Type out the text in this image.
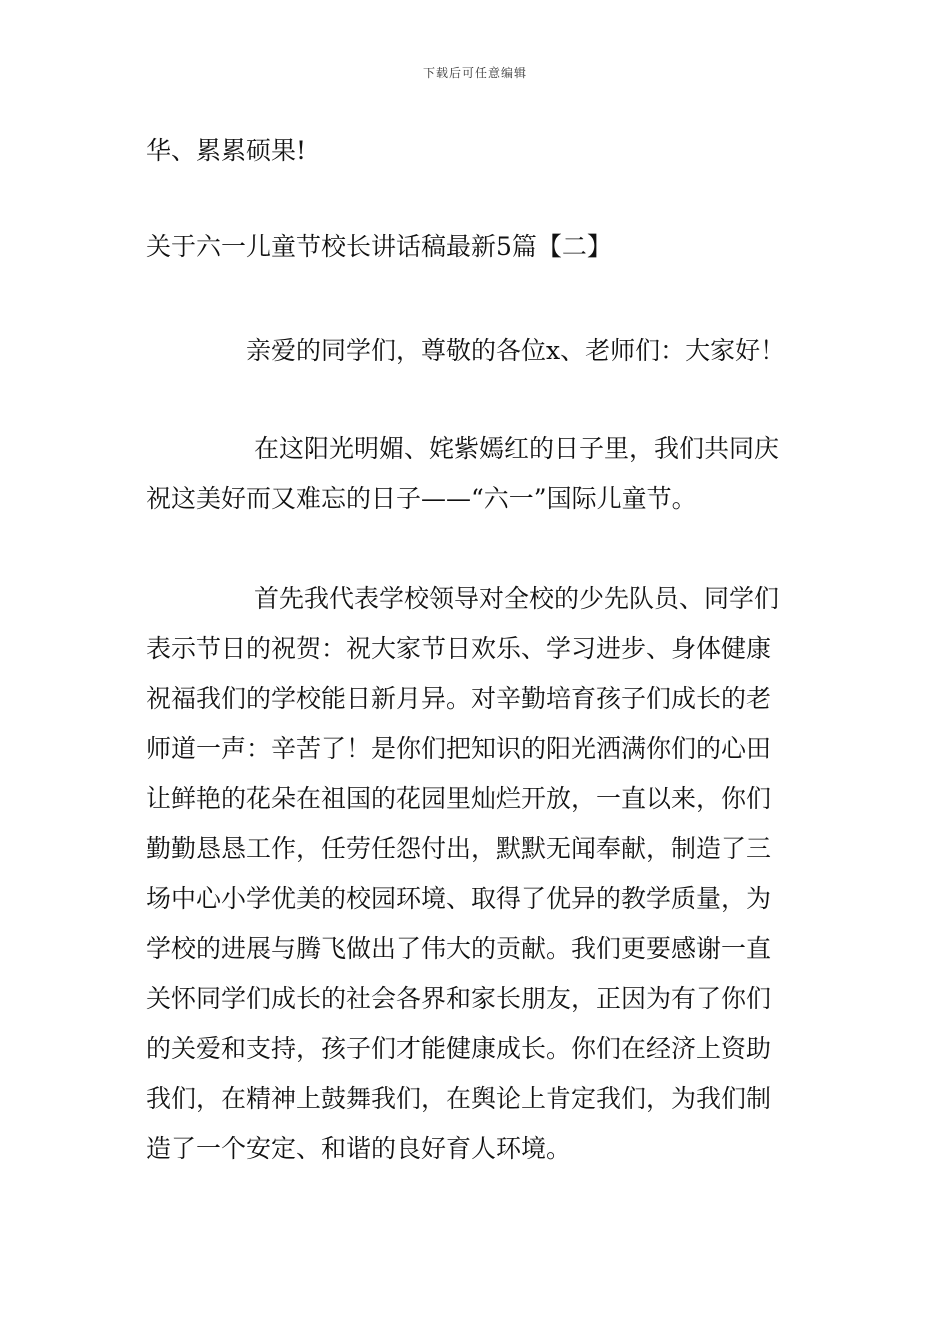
下载后可任意编辑

华、累累硕果!

关于六一儿童节校长讲话稿最新5篇【二】

亲爱的同学们，尊敬的各位x、老师们：大家好！

在这阳光明媚、姹紫嫣红的日子里，我们共同庆
祝这美好而又难忘的日子——“六一”国际儿童节。
首先我代表学校领导对全校的少先队员、同学们
表示节日的祝贺：祝大家节日欢乐、学习进步、身体健康
祝福我们的学校能日新月异。对辛勤培育孩子们成长的老
师道一声：辛苦了！是你们把知识的阳光洒满你们的心田
让鲜艳的花朵在祖国的花园里灿烂开放，一直以来，你们
勤勤恳恳工作，任劳任怨付出，默默无闻奉献，制造了三
场中心小学优美的校园环境、取得了优异的教学质量，为
学校的进展与腾飞做出了伟大的贡献。我们更要感谢一直
关怀同学们成长的社会各界和家长朋友，正因为有了你们
的关爱和支持，孩子们才能健康成长。你们在经济上资助
我们，在精神上鼓舞我们，在舆论上肯定我们，为我们制
造了一个安定、和谐的良好育人环境。
